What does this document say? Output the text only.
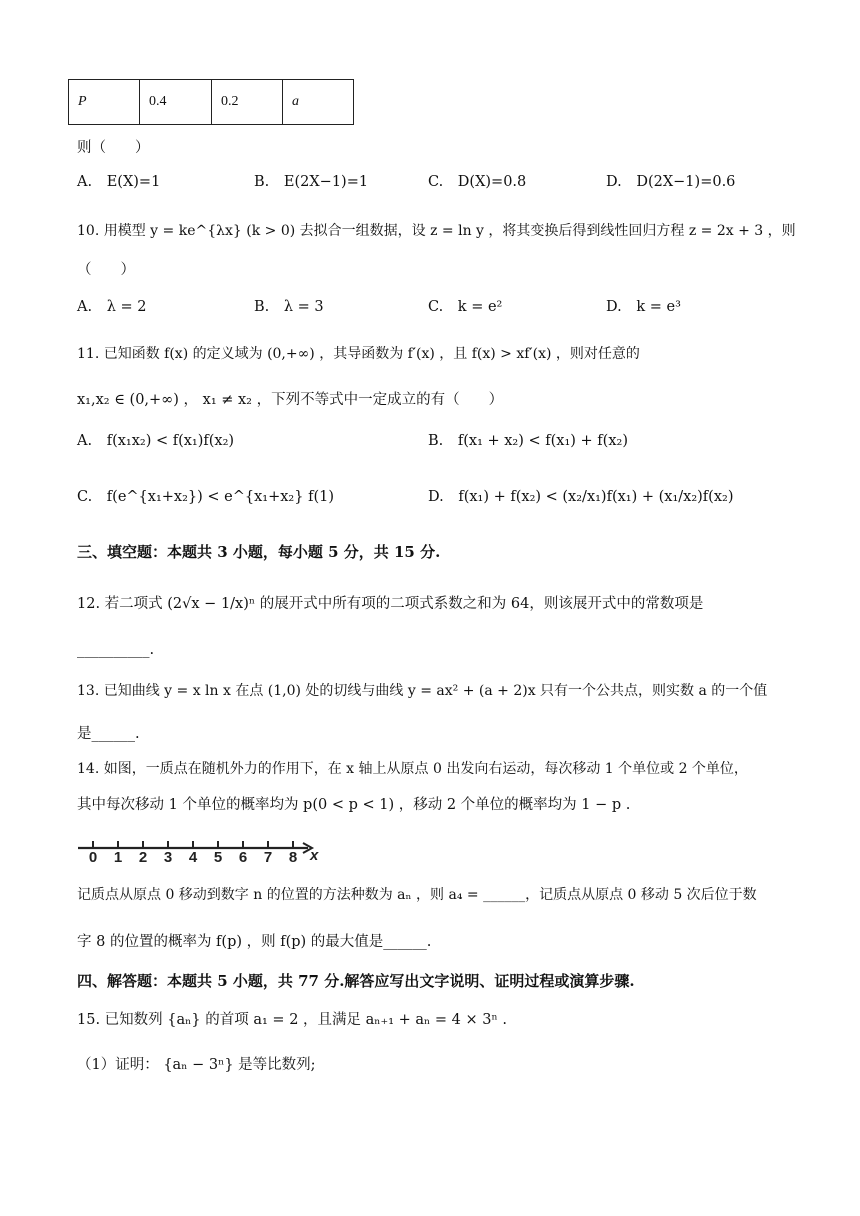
P	0.4	0.2	a
则（　　）
A. E(X)=1	B. E(2X−1)=1	C. D(X)=0.8	D. D(2X−1)=0.6
10. 用模型 y = ke^{λx} (k > 0) 去拟合一组数据，设 z = ln y ，将其变换后得到线性回归方程 z = 2x + 3 ，则
（　　）
A. λ = 2	B. λ = 3	C. k = e²	D. k = e³
11. 已知函数 f(x) 的定义域为 (0,+∞) ，其导函数为 f′(x) ，且 f(x) > xf′(x) ，则对任意的
x₁,x₂ ∈ (0,+∞) ， x₁ ≠ x₂ ，下列不等式中一定成立的有（　　）
A. f(x₁x₂) < f(x₁)f(x₂)	B. f(x₁ + x₂) < f(x₁) + f(x₂)
C. f(e^{x₁+x₂}) < e^{x₁+x₂} f(1)	D. f(x₁) + f(x₂) < (x₂/x₁)f(x₁) + (x₁/x₂)f(x₂)
三、填空题：本题共 3 小题，每小题 5 分，共 15 分.
12. 若二项式 (2√x − 1/x)ⁿ 的展开式中所有项的二项式系数之和为 64，则该展开式中的常数项是
__________.
13. 已知曲线 y = x ln x 在点 (1,0) 处的切线与曲线 y = ax² + (a + 2)x 只有一个公共点，则实数 a 的一个值
是______.
14. 如图，一质点在随机外力的作用下，在 x 轴上从原点 0 出发向右运动，每次移动 1 个单位或 2 个单位，
其中每次移动 1 个单位的概率均为 p(0 < p < 1) ，移动 2 个单位的概率均为 1 − p .
0 1 2 3 4 5 6 7 8 x
记质点从原点 0 移动到数字 n 的位置的方法种数为 aₙ ，则 a₄ = ______，记质点从原点 0 移动 5 次后位于数
字 8 的位置的概率为 f(p) ，则 f(p) 的最大值是______.
四、解答题：本题共 5 小题，共 77 分.解答应写出文字说明、证明过程或演算步骤.
15. 已知数列 {aₙ} 的首项 a₁ = 2 ，且满足 aₙ₊₁ + aₙ = 4 × 3ⁿ .
（1）证明： {aₙ − 3ⁿ} 是等比数列;
